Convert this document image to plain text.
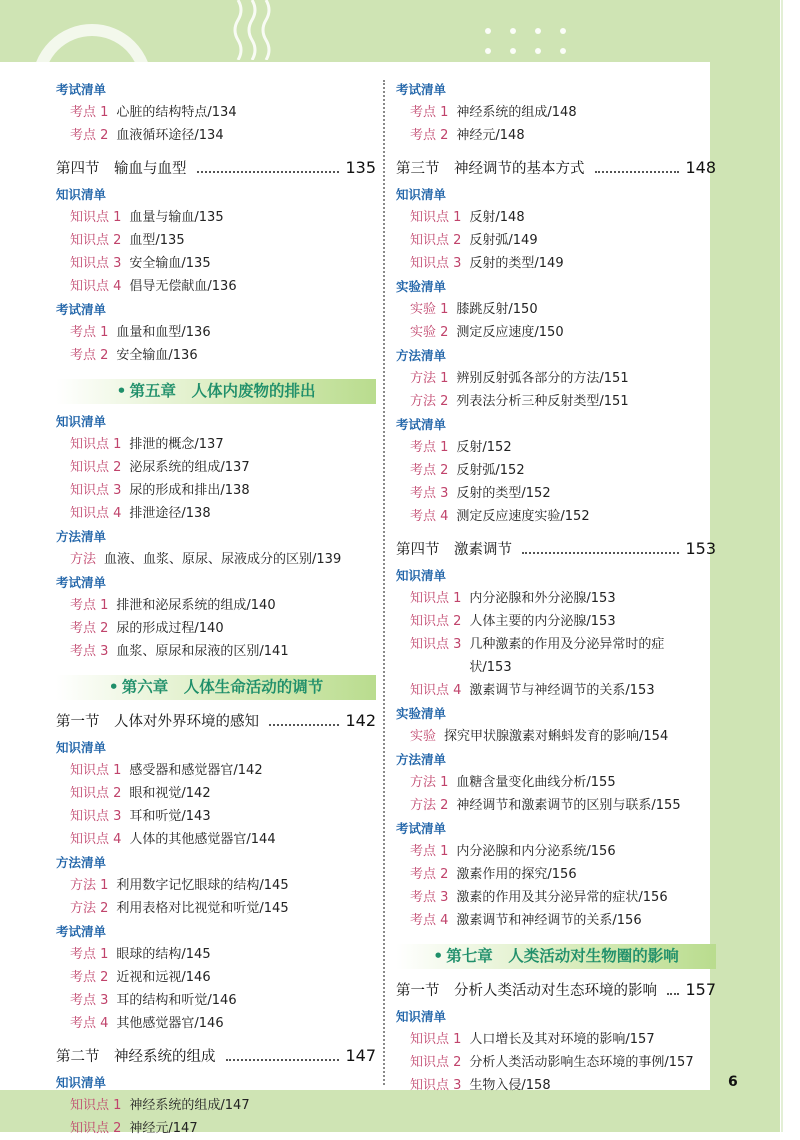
考试清单
考点 1 心脏的结构特点/134
考点 2 血液循环途径/134
第四节　输血与血型	135
知识清单
知识点 1 血量与输血/135
知识点 2 血型/135
知识点 3 安全输血/135
知识点 4 倡导无偿献血/136
考试清单
考点 1 血量和血型/136
考点 2 安全输血/136
• 第五章　人体内废物的排出
知识清单
知识点 1 排泄的概念/137
知识点 2 泌尿系统的组成/137
知识点 3 尿的形成和排出/138
知识点 4 排泄途径/138
方法清单
方法 血液、血浆、原尿、尿液成分的区别/139
考试清单
考点 1 排泄和泌尿系统的组成/140
考点 2 尿的形成过程/140
考点 3 血浆、原尿和尿液的区别/141
• 第六章　人体生命活动的调节
第一节　人体对外界环境的感知	142
知识清单
知识点 1 感受器和感觉器官/142
知识点 2 眼和视觉/142
知识点 3 耳和听觉/143
知识点 4 人体的其他感觉器官/144
方法清单
方法 1 利用数字记忆眼球的结构/145
方法 2 利用表格对比视觉和听觉/145
考试清单
考点 1 眼球的结构/145
考点 2 近视和远视/146
考点 3 耳的结构和听觉/146
考点 4 其他感觉器官/146
第二节　神经系统的组成	147
知识清单
知识点 1 神经系统的组成/147
知识点 2 神经元/147
考试清单
考点 1 神经系统的组成/148
考点 2 神经元/148
第三节　神经调节的基本方式	148
知识清单
知识点 1 反射/148
知识点 2 反射弧/149
知识点 3 反射的类型/149
实验清单
实验 1 膝跳反射/150
实验 2 测定反应速度/150
方法清单
方法 1 辨别反射弧各部分的方法/151
方法 2 列表法分析三种反射类型/151
考试清单
考点 1 反射/152
考点 2 反射弧/152
考点 3 反射的类型/152
考点 4 测定反应速度实验/152
第四节　激素调节	153
知识清单
知识点 1 内分泌腺和外分泌腺/153
知识点 2 人体主要的内分泌腺/153
知识点 3 几种激素的作用及分泌异常时的症状/153
知识点 4 激素调节与神经调节的关系/153
实验清单
实验 探究甲状腺激素对蝌蚪发育的影响/154
方法清单
方法 1 血糖含量变化曲线分析/155
方法 2 神经调节和激素调节的区别与联系/155
考试清单
考点 1 内分泌腺和内分泌系统/156
考点 2 激素作用的探究/156
考点 3 激素的作用及其分泌异常的症状/156
考点 4 激素调节和神经调节的关系/156
• 第七章　人类活动对生物圈的影响
第一节　分析人类活动对生态环境的影响 157
知识清单
知识点 1 人口增长及其对环境的影响/157
知识点 2 分析人类活动影响生态环境的事例/157
知识点 3 生物入侵/158	6
